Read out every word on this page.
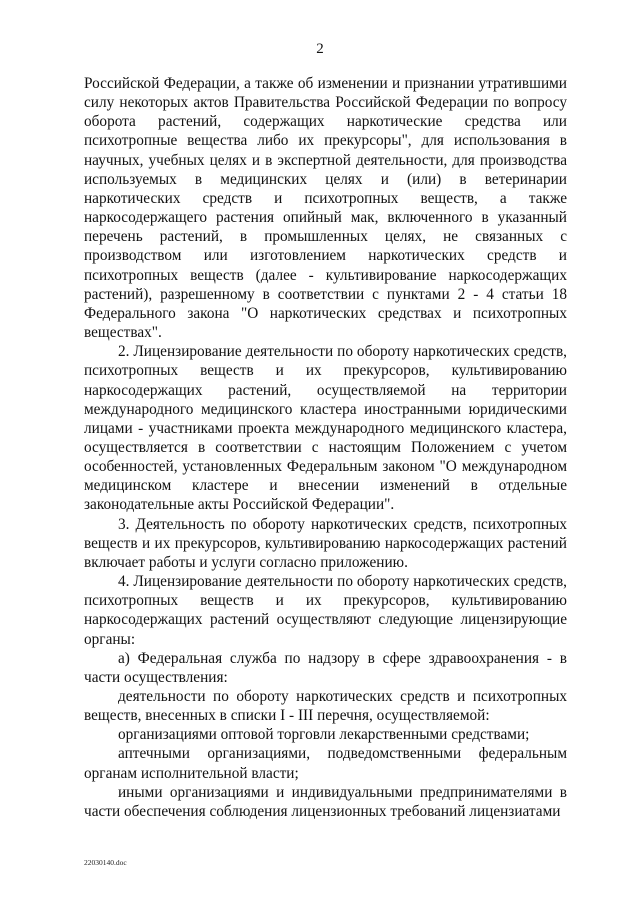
2

Российской Федерации, а также об изменении и признании утратившими силу некоторых актов Правительства Российской Федерации по вопросу оборота растений, содержащих наркотические средства или психотропные вещества либо их прекурсоры", для использования в научных, учебных целях и в экспертной деятельности, для производства используемых в медицинских целях и (или) в ветеринарии наркотических средств и психотропных веществ, а также наркосодержащего растения опийный мак, включенного в указанный перечень растений, в промышленных целях, не связанных с производством или изготовлением наркотических средств и психотропных веществ (далее - культивирование наркосодержащих растений), разрешенному в соответствии с пунктами 2 - 4 статьи 18 Федерального закона "О наркотических средствах и психотропных веществах".

2. Лицензирование деятельности по обороту наркотических средств, психотропных веществ и их прекурсоров, культивированию наркосодержащих растений, осуществляемой на территории международного медицинского кластера иностранными юридическими лицами - участниками проекта международного медицинского кластера, осуществляется в соответствии с настоящим Положением с учетом особенностей, установленных Федеральным законом "О международном медицинском кластере и внесении изменений в отдельные законодательные акты Российской Федерации".

3. Деятельность по обороту наркотических средств, психотропных веществ и их прекурсоров, культивированию наркосодержащих растений включает работы и услуги согласно приложению.

4. Лицензирование деятельности по обороту наркотических средств, психотропных веществ и их прекурсоров, культивированию наркосодержащих растений осуществляют следующие лицензирующие органы:

а) Федеральная служба по надзору в сфере здравоохранения - в части осуществления:

деятельности по обороту наркотических средств и психотропных веществ, внесенных в списки I - III перечня, осуществляемой:

организациями оптовой торговли лекарственными средствами;

аптечными организациями, подведомственными федеральным органам исполнительной власти;

иными организациями и индивидуальными предпринимателями в части обеспечения соблюдения лицензионных требований лицензиатами

22030140.doc
